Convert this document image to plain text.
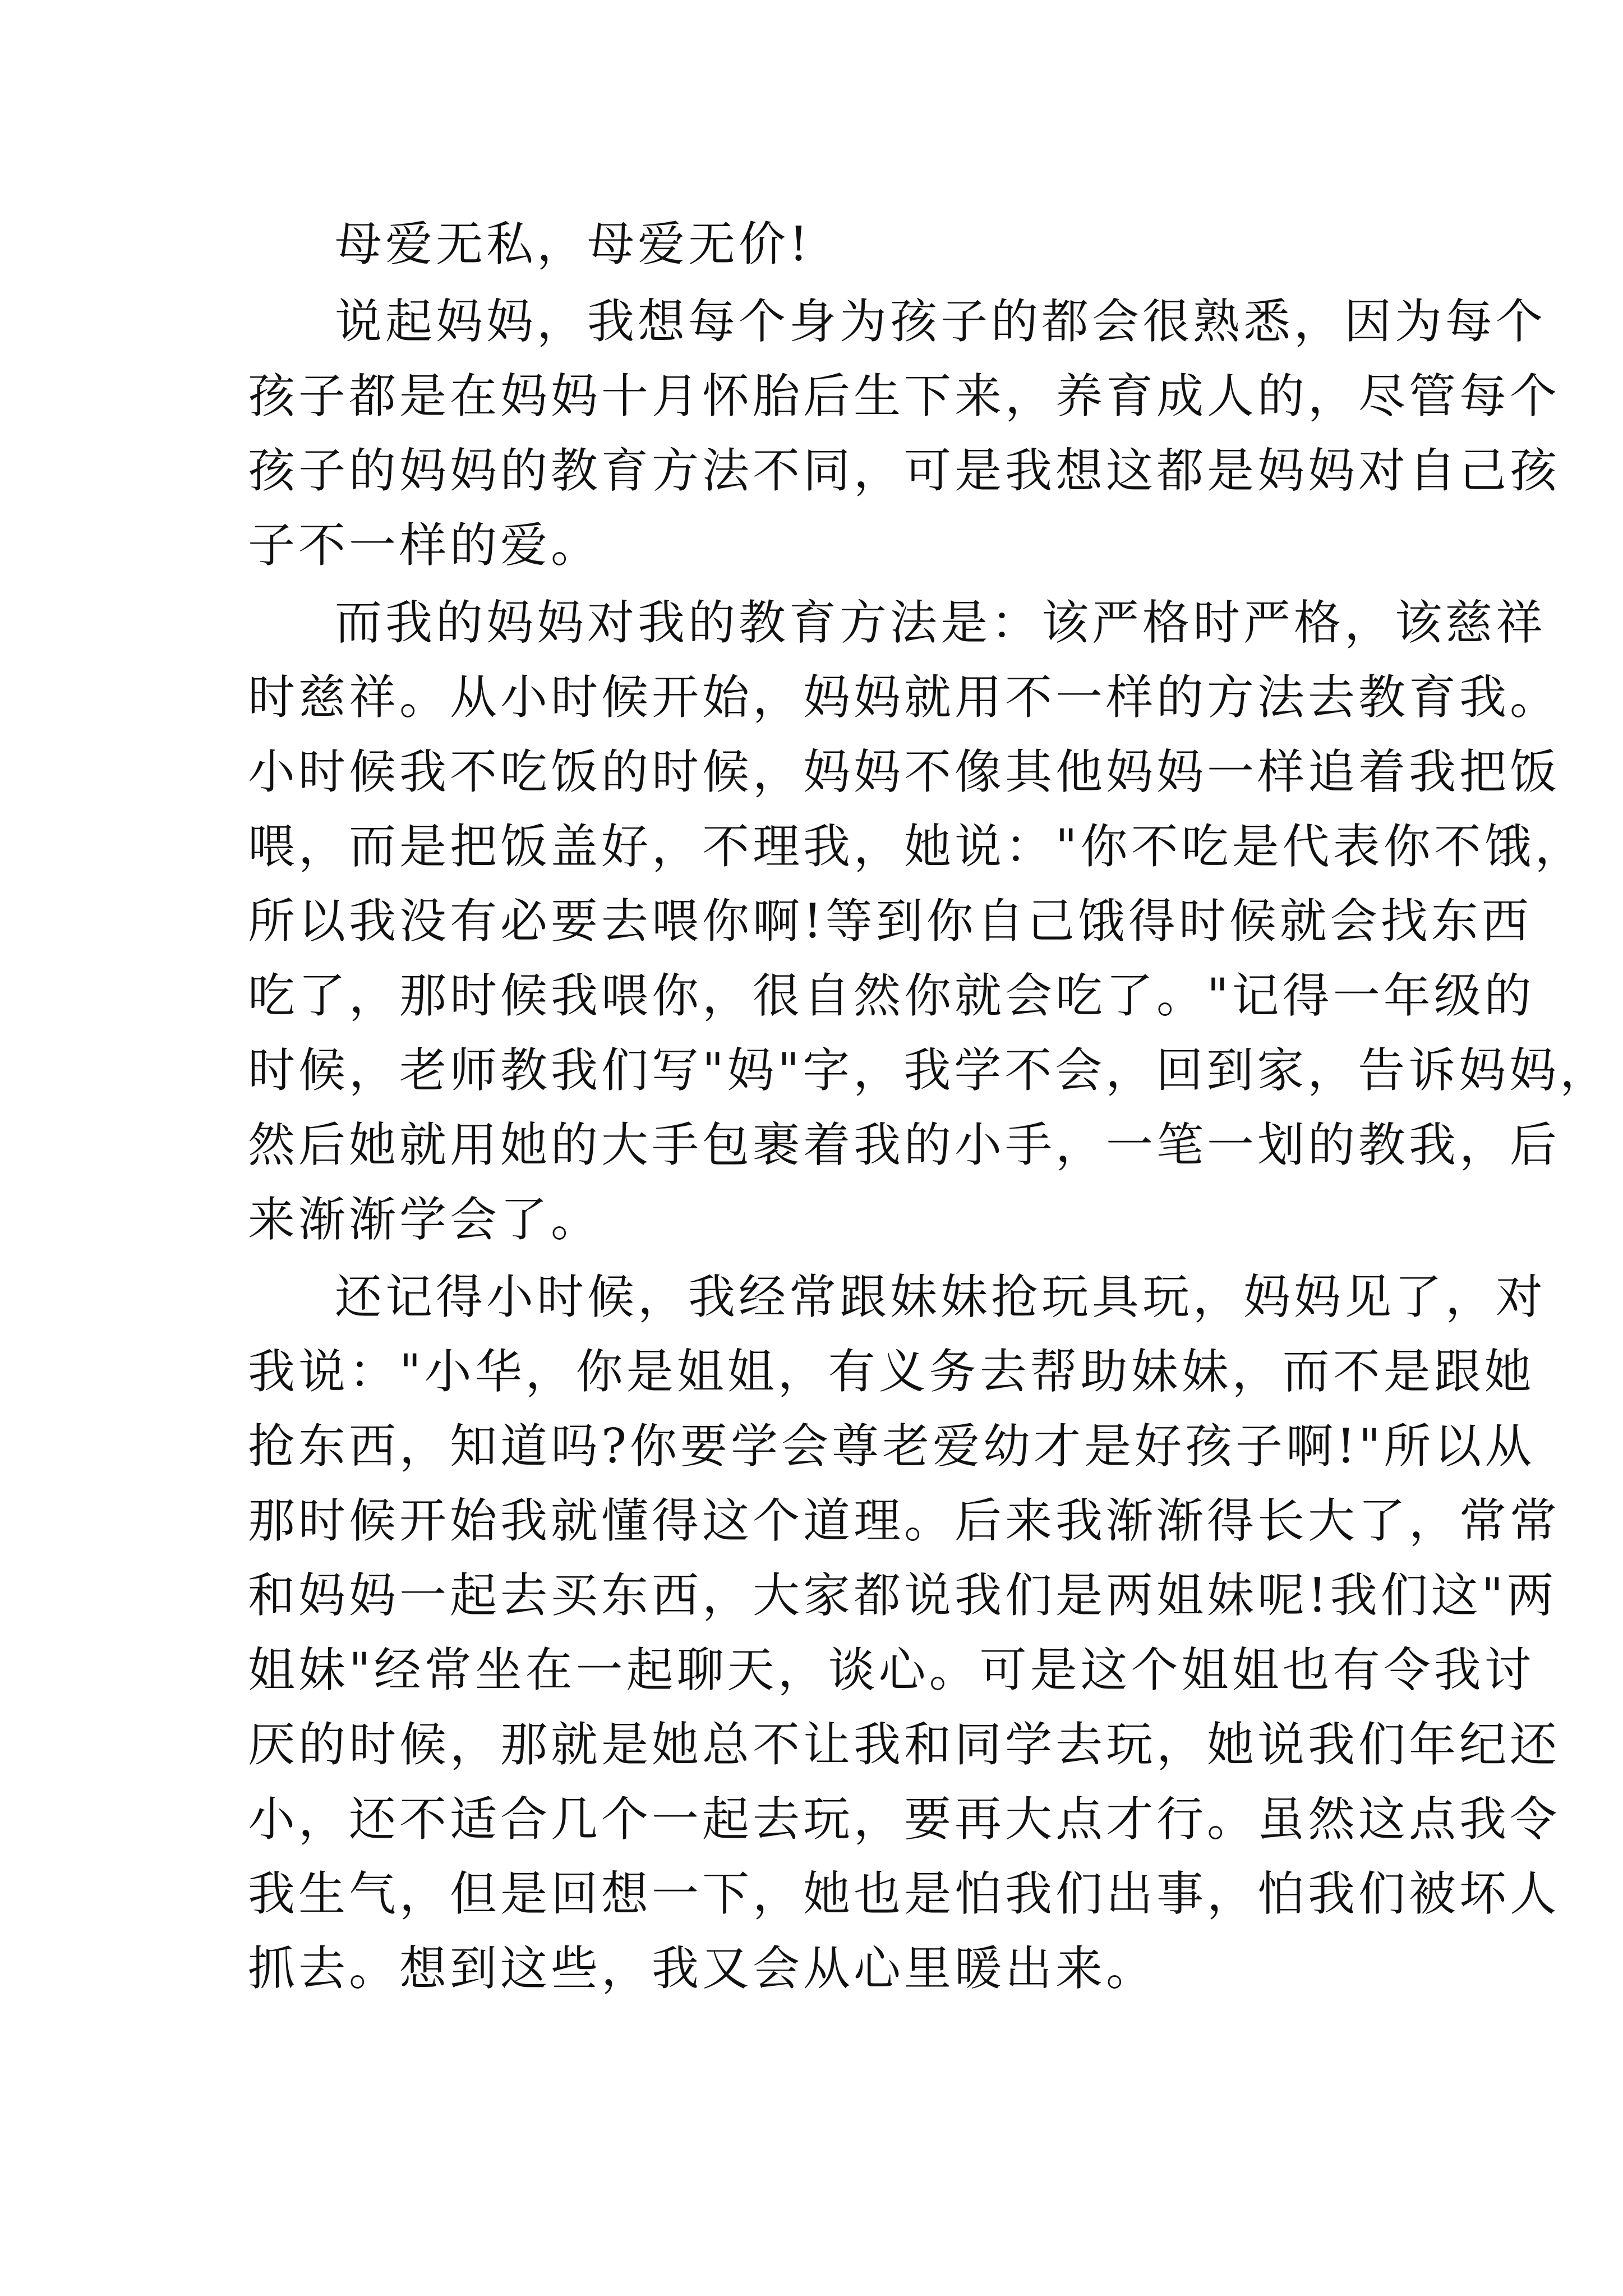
母爱无私，母爱无价!
说起妈妈，我想每个身为孩子的都会很熟悉，因为每个
孩子都是在妈妈十月怀胎后生下来，养育成人的，尽管每个
孩子的妈妈的教育方法不同，可是我想这都是妈妈对自己孩
子不一样的爱。
而我的妈妈对我的教育方法是：该严格时严格，该慈祥
时慈祥。从小时候开始，妈妈就用不一样的方法去教育我。
小时候我不吃饭的时候，妈妈不像其他妈妈一样追着我把饭
喂，而是把饭盖好，不理我，她说："你不吃是代表你不饿，
所以我没有必要去喂你啊!等到你自己饿得时候就会找东西
吃了，那时候我喂你，很自然你就会吃了。"记得一年级的
时候，老师教我们写"妈"字，我学不会，回到家，告诉妈妈，
然后她就用她的大手包裹着我的小手，一笔一划的教我，后
来渐渐学会了。
还记得小时候，我经常跟妹妹抢玩具玩，妈妈见了，对
我说："小华，你是姐姐，有义务去帮助妹妹，而不是跟她
抢东西，知道吗?你要学会尊老爱幼才是好孩子啊!"所以从
那时候开始我就懂得这个道理。后来我渐渐得长大了，常常
和妈妈一起去买东西，大家都说我们是两姐妹呢!我们这"两
姐妹"经常坐在一起聊天，谈心。可是这个姐姐也有令我讨
厌的时候，那就是她总不让我和同学去玩，她说我们年纪还
小，还不适合几个一起去玩，要再大点才行。虽然这点我令
我生气，但是回想一下，她也是怕我们出事，怕我们被坏人
抓去。想到这些，我又会从心里暖出来。
